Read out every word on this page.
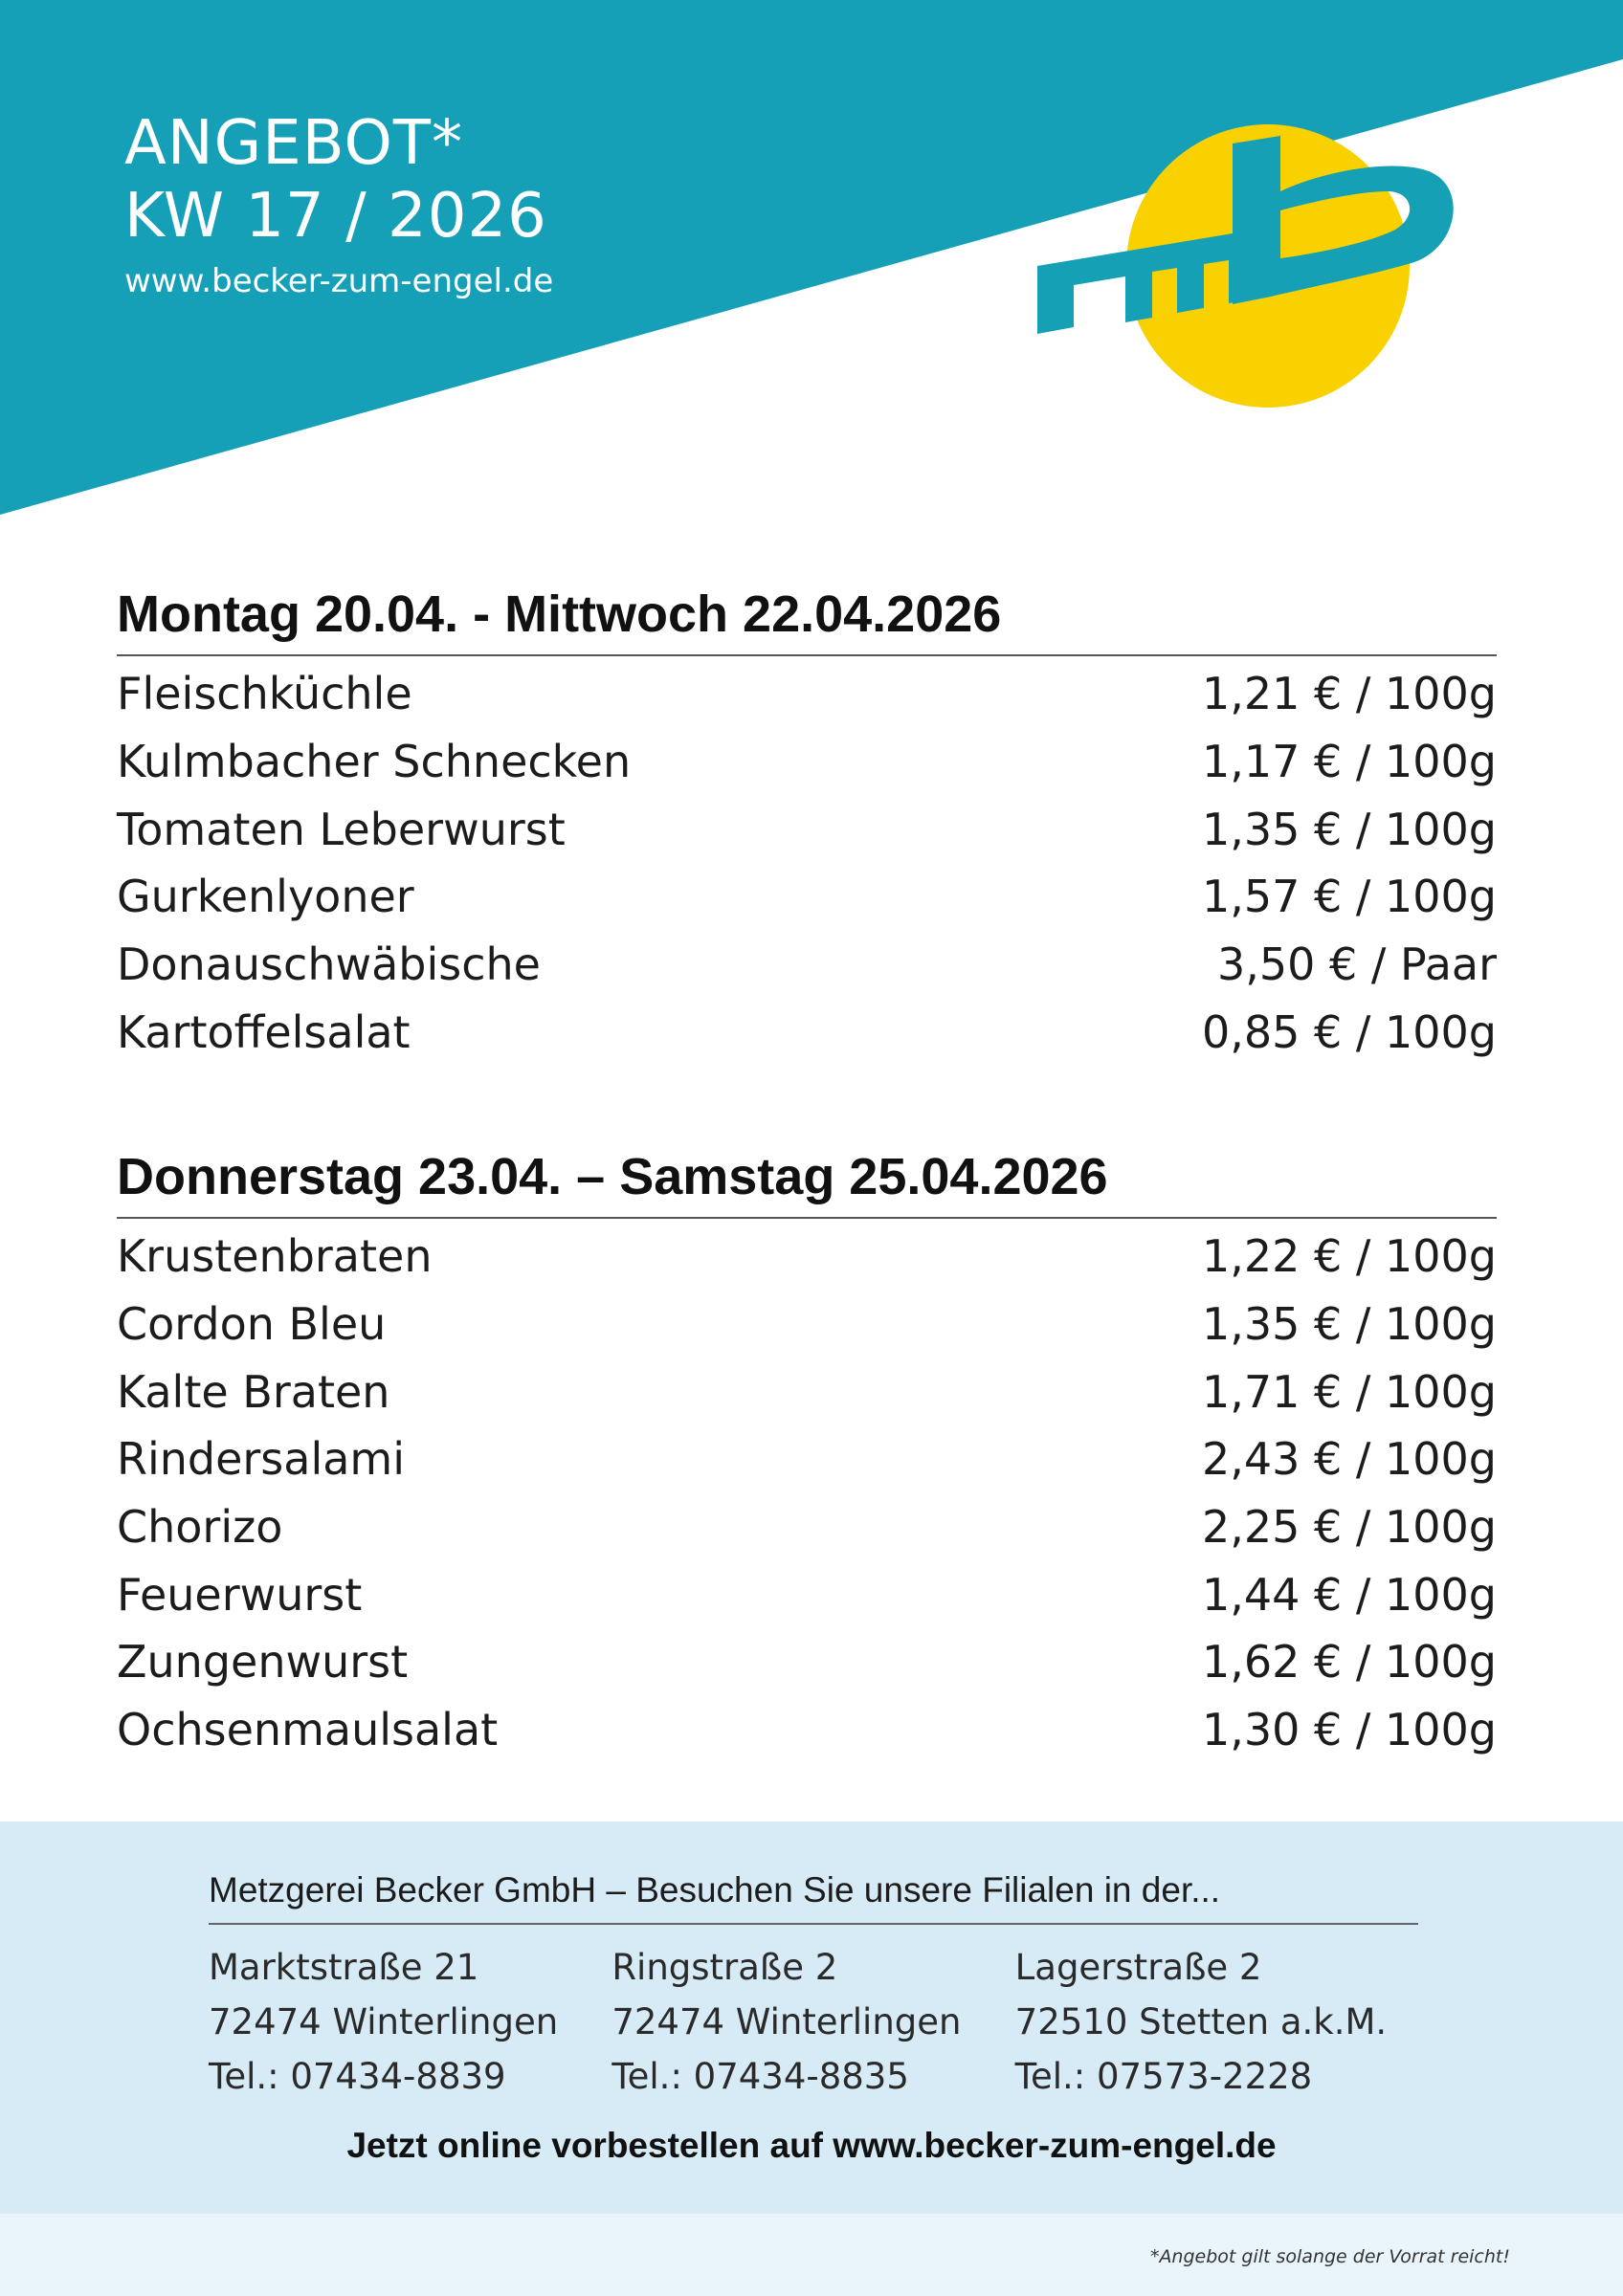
ANGEBOT*
KW 17 / 2026
www.becker-zum-engel.de
Montag 20.04. - Mittwoch 22.04.2026
Fleischküchle	1,21 € / 100g
Kulmbacher Schnecken	1,17 € / 100g
Tomaten Leberwurst	1,35 € / 100g
Gurkenlyoner	1,57 € / 100g
Donauschwäbische	3,50 € / Paar
Kartoffelsalat	0,85 € / 100g
Donnerstag 23.04. – Samstag 25.04.2026
Krustenbraten	1,22 € / 100g
Cordon Bleu	1,35 € / 100g
Kalte Braten	1,71 € / 100g
Rindersalami	2,43 € / 100g
Chorizo	2,25 € / 100g
Feuerwurst	1,44 € / 100g
Zungenwurst	1,62 € / 100g
Ochsenmaulsalat	1,30 € / 100g
Metzgerei Becker GmbH – Besuchen Sie unsere Filialen in der...
Marktstraße 21
72474 Winterlingen
Tel.: 07434-8839
Ringstraße 2
72474 Winterlingen
Tel.: 07434-8835
Lagerstraße 2
72510 Stetten a.k.M.
Tel.: 07573-2228
Jetzt online vorbestellen auf www.becker-zum-engel.de
*Angebot gilt solange der Vorrat reicht!
